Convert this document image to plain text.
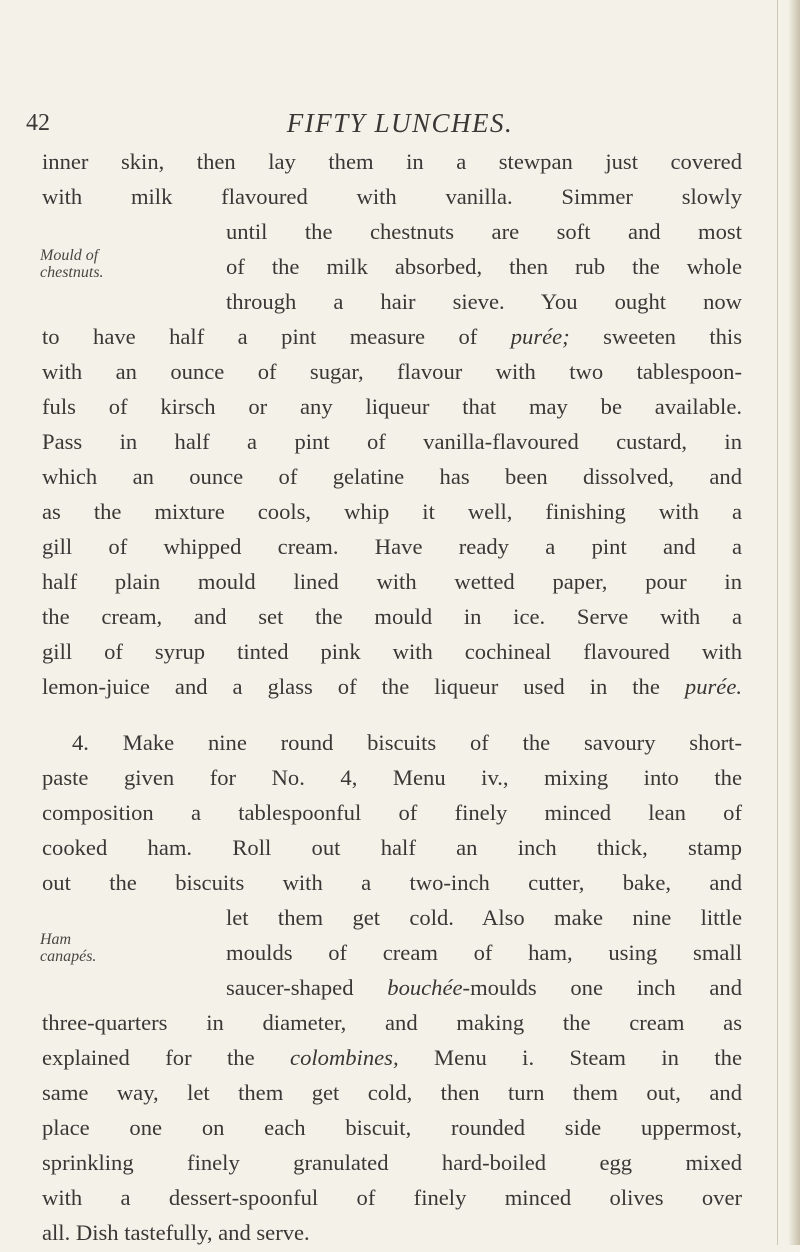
42	FIFTY LUNCHES.
inner skin, then lay them in a stewpan just covered
with milk flavoured with vanilla. Simmer slowly
until the chestnuts are soft and most
of the milk absorbed, then rub the whole
through a hair sieve. You ought now
to have half a pint measure of purée; sweeten this
with an ounce of sugar, flavour with two tablespoon-
fuls of kirsch or any liqueur that may be available.
Pass in half a pint of vanilla-flavoured custard, in
which an ounce of gelatine has been dissolved, and
as the mixture cools, whip it well, finishing with a
gill of whipped cream. Have ready a pint and a
half plain mould lined with wetted paper, pour in
the cream, and set the mould in ice. Serve with a
gill of syrup tinted pink with cochineal flavoured with
lemon-juice and a glass of the liqueur used in the purée.
Mould of
chestnuts.
4. Make nine round biscuits of the savoury short-
paste given for No. 4, Menu iv., mixing into the
composition a tablespoonful of finely minced lean of
cooked ham. Roll out half an inch thick, stamp
out the biscuits with a two-inch cutter, bake, and
let them get cold. Also make nine little
moulds of cream of ham, using small
saucer-shaped bouchée-moulds one inch and
three-quarters in diameter, and making the cream as
explained for the colombines, Menu i. Steam in the
same way, let them get cold, then turn them out, and
place one on each biscuit, rounded side uppermost,
sprinkling finely granulated hard-boiled egg mixed
with a dessert-spoonful of finely minced olives over
all. Dish tastefully, and serve.
Ham
canapés.
